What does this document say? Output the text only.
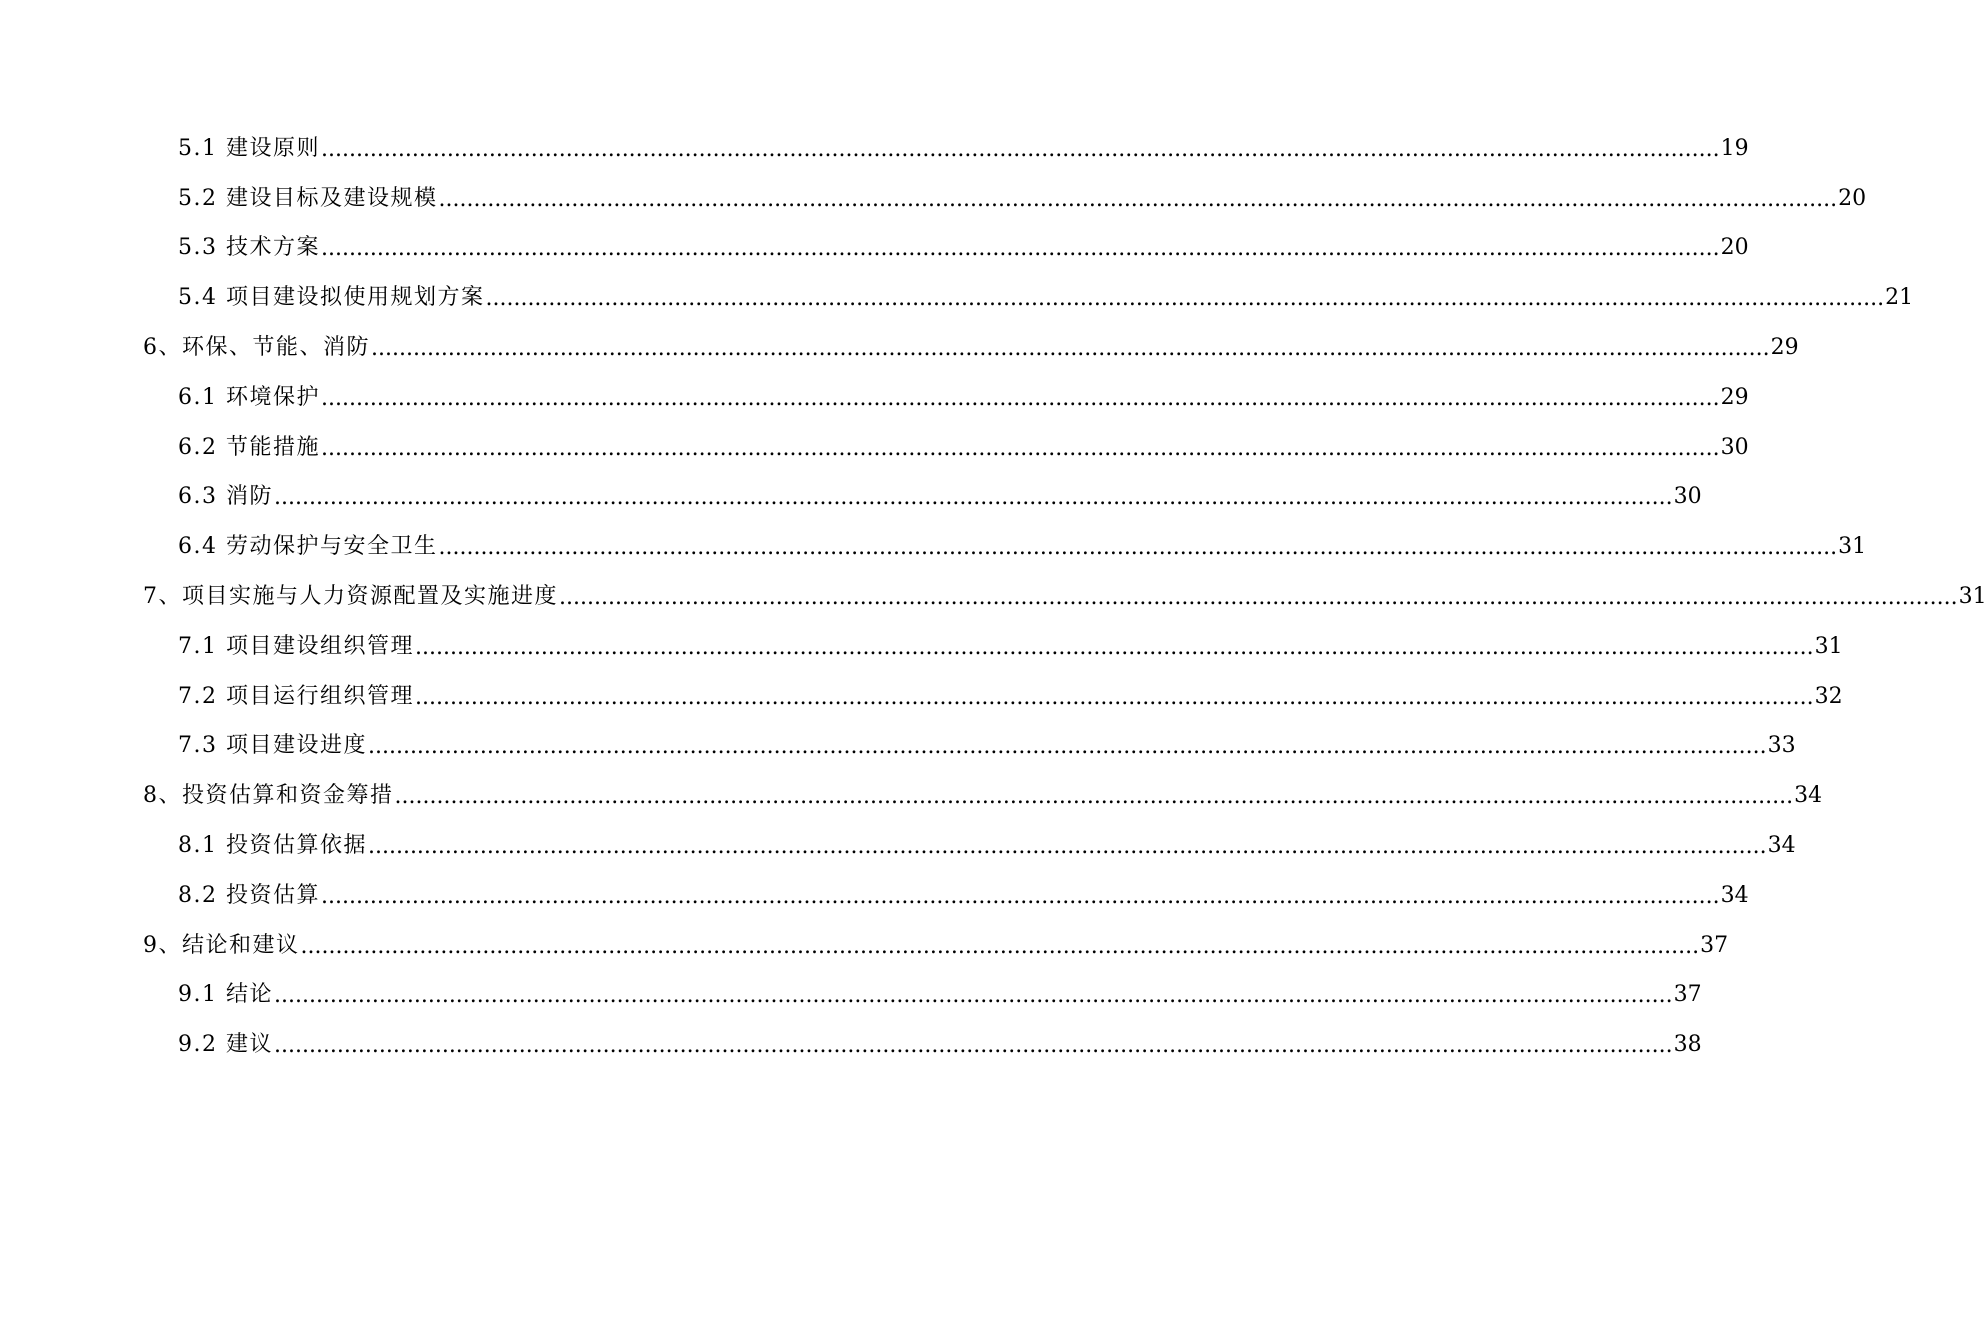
5.1 建设原则 ........................................................................................................................................................................................................ 19
5.2 建设目标及建设规模 ........................................................................................................................................................................................................ 20
5.3 技术方案 ........................................................................................................................................................................................................ 20
5.4 项目建设拟使用规划方案 ........................................................................................................................................................................................................ 21
6、环保、节能、消防 ........................................................................................................................................................................................................ 29
6.1 环境保护 ........................................................................................................................................................................................................ 29
6.2 节能措施 ........................................................................................................................................................................................................ 30
6.3 消防 ........................................................................................................................................................................................................ 30
6.4 劳动保护与安全卫生 ........................................................................................................................................................................................................ 31
7、项目实施与人力资源配置及实施进度 ........................................................................................................................................................................................................ 31
7.1 项目建设组织管理 ........................................................................................................................................................................................................ 31
7.2 项目运行组织管理 ........................................................................................................................................................................................................ 32
7.3 项目建设进度 ........................................................................................................................................................................................................ 33
8、投资估算和资金筹措 ........................................................................................................................................................................................................ 34
8.1 投资估算依据 ........................................................................................................................................................................................................ 34
8.2 投资估算 ........................................................................................................................................................................................................ 34
9、结论和建议 ........................................................................................................................................................................................................ 37
9.1 结论 ........................................................................................................................................................................................................ 37
9.2 建议 ........................................................................................................................................................................................................ 38
